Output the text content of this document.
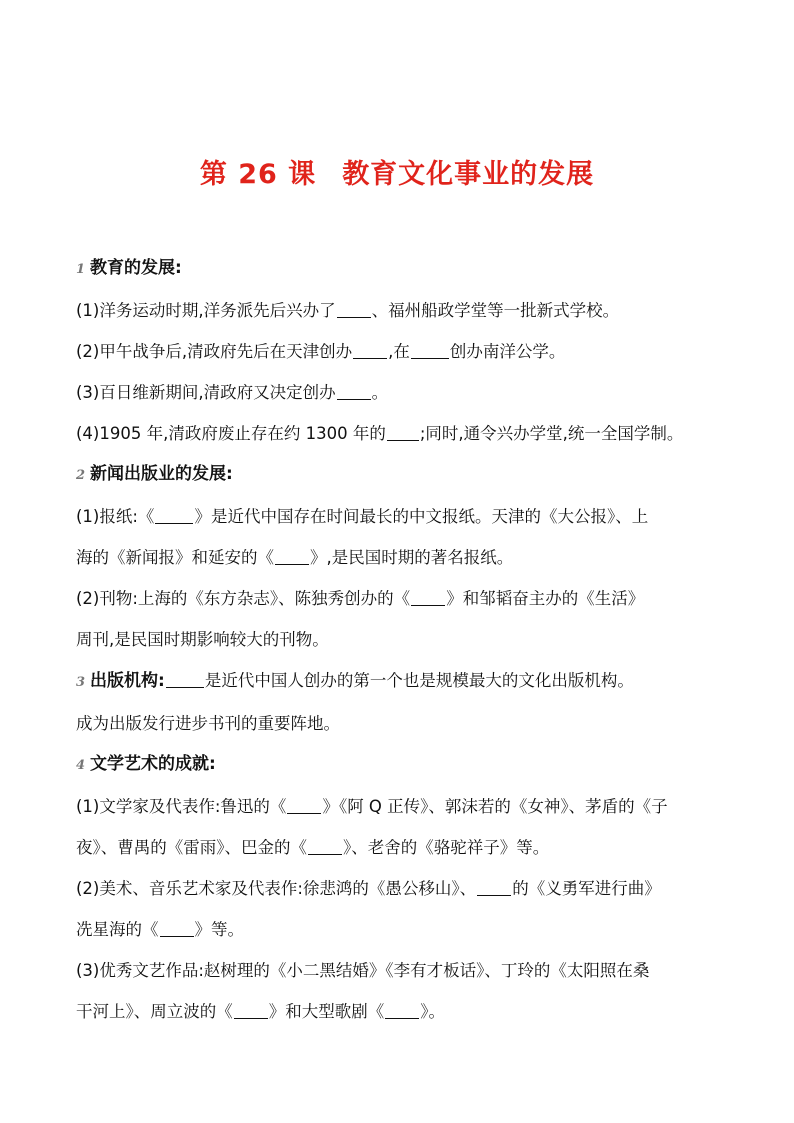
第 26 课 教育文化事业的发展
1 教育的发展:
(1)洋务运动时期,洋务派先后兴办了 、福州船政学堂等一批新式学校。
(2)甲午战争后,清政府先后在天津创办 ,在 创办南洋公学。
(3)百日维新期间,清政府又决定创办 。
(4)1905 年,清政府废止存在约 1300 年的 ;同时,通令兴办学堂,统一全国学制。
2 新闻出版业的发展:
(1)报纸:《 》是近代中国存在时间最长的中文报纸。天津的《大公报》、上
海的《新闻报》和延安的《 》,是民国时期的著名报纸。
(2)刊物:上海的《东方杂志》、陈独秀创办的《 》和邹韬奋主办的《生活》
周刊,是民国时期影响较大的刊物。
3 出版机构: 是近代中国人创办的第一个也是规模最大的文化出版机构。
成为出版发行进步书刊的重要阵地。
4 文学艺术的成就:
(1)文学家及代表作:鲁迅的《 》《阿 Q 正传》、郭沫若的《女神》、茅盾的《子
夜》、曹禺的《雷雨》、巴金的《 》、老舍的《骆驼祥子》等。
(2)美术、音乐艺术家及代表作:徐悲鸿的《愚公移山》、 的《义勇军进行曲》
冼星海的《 》等。
(3)优秀文艺作品:赵树理的《小二黑结婚》《李有才板话》、丁玲的《太阳照在桑
干河上》、周立波的《 》和大型歌剧《 》。
